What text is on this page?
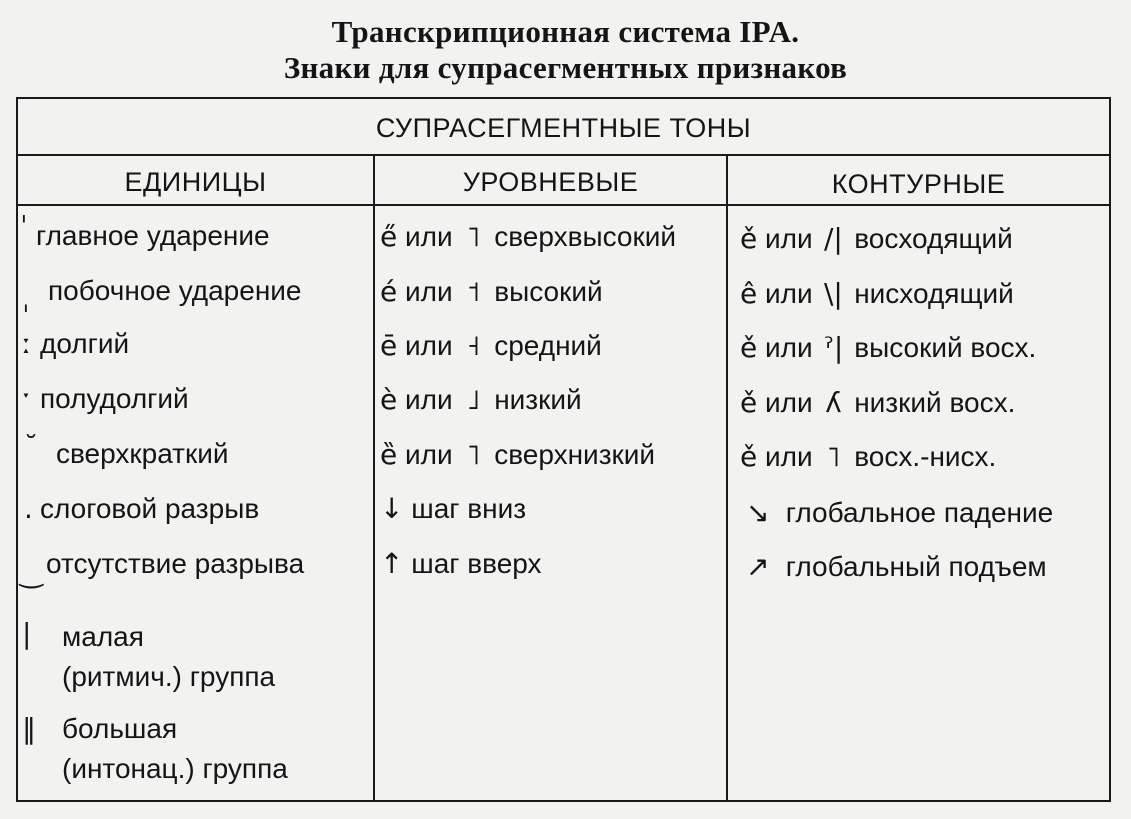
Транскрипционная система IPA.
Знаки для супрасегментных признаков
СУПРАСЕГМЕНТНЫЕ ТОНЫ
ЕДИНИЦЫ	УРОВНЕВЫЕ	КОНТУРНЫЕ
ˈ главное ударение
ˌ побочное ударение
ː долгий
ˑ полудолгий
˘ сверхкраткий
. слоговой разрыв
‿ отсутствие разрыва
| малая
(ритмич.) группа
‖ большая
(интонац.) группа
e̋ или ˥ сверхвысокий
é или ˦ высокий
ē или ˧ средний
è или ˩ низкий
ȅ или ˥ сверхнизкий
↓ шаг вниз
↑ шаг вверх
ě или /| восходящий
ê или \| нисходящий
ě или ˀ| высокий восх.
ě или ʎ низкий восх.
ě или ˥ восх.-нисх.
↘ глобальное падение
↗ глобальный подъем
